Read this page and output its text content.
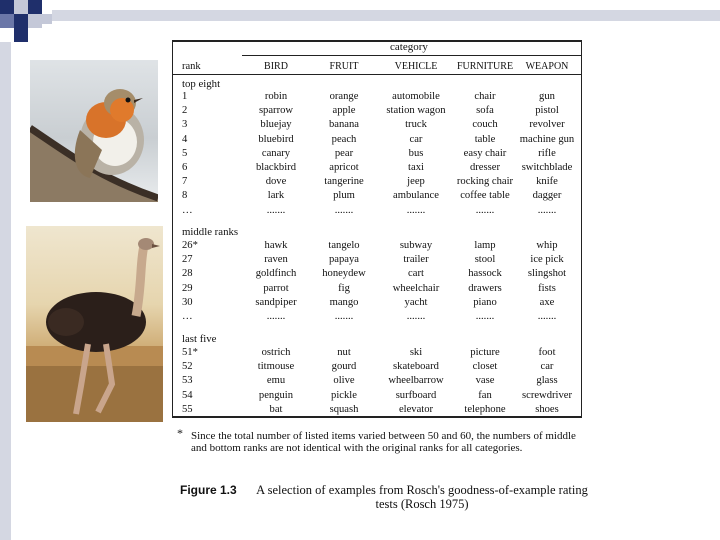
category
rank	BIRD	FRUIT	VEHICLE	FURNITURE	WEAPON
top eight
1	robin	orange	automobile	chair	gun
2	sparrow	apple	station wagon	sofa	pistol
3	bluejay	banana	truck	couch	revolver
4	bluebird	peach	car	table	machine gun
5	canary	pear	bus	easy chair	rifle
6	blackbird	apricot	taxi	dresser	switchblade
7	dove	tangerine	jeep	rocking chair	knife
8	lark	plum	ambulance	coffee table	dagger
…	.......	.......	.......	.......	.......
middle ranks
26*	hawk	tangelo	subway	lamp	whip
27	raven	papaya	trailer	stool	ice pick
28	goldfinch	honeydew	cart	hassock	slingshot
29	parrot	fig	wheelchair	drawers	fists
30	sandpiper	mango	yacht	piano	axe
…	.......	.......	.......	.......	.......
last five
51*	ostrich	nut	ski	picture	foot
52	titmouse	gourd	skateboard	closet	car
53	emu	olive	wheelbarrow	vase	glass
54	penguin	pickle	surfboard	fan	screwdriver
55	bat	squash	elevator	telephone	shoes
* Since the total number of listed items varied between 50 and 60, the numbers of middle and bottom ranks are not identical with the original ranks for all categories.
Figure 1.3	A selection of examples from Rosch's goodness-of-example rating tests (Rosch 1975)
